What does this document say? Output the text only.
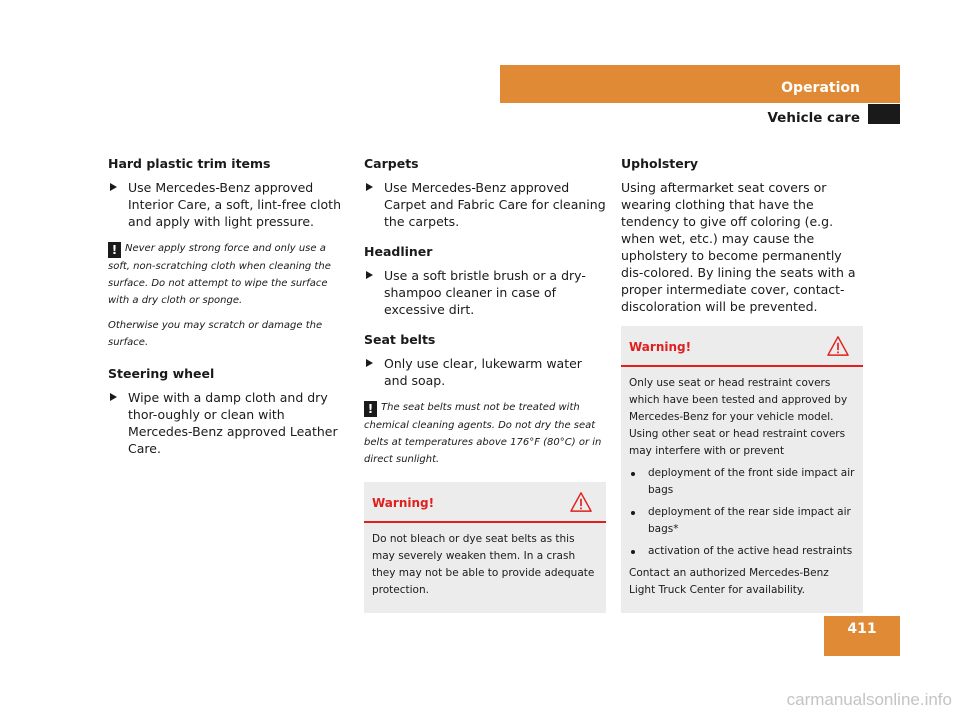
Operation
Vehicle care
Hard plastic trim items
Use Mercedes-Benz approved Interior Care, a soft, lint-free cloth and apply with light pressure.
! Never apply strong force and only use a soft, non-scratching cloth when cleaning the surface. Do not attempt to wipe the surface with a dry cloth or sponge.
Otherwise you may scratch or damage the surface.
Steering wheel
Wipe with a damp cloth and dry thor-oughly or clean with Mercedes-Benz approved Leather Care.
Carpets
Use Mercedes-Benz approved Carpet and Fabric Care for cleaning the carpets.
Headliner
Use a soft bristle brush or a dry-shampoo cleaner in case of excessive dirt.
Seat belts
Only use clear, lukewarm water and soap.
! The seat belts must not be treated with chemical cleaning agents. Do not dry the seat belts at temperatures above 176°F (80°C) or in direct sunlight.
Warning!
Do not bleach or dye seat belts as this may severely weaken them. In a crash they may not be able to provide adequate protection.
Upholstery
Using aftermarket seat covers or wearing clothing that have the tendency to give off coloring (e.g. when wet, etc.) may cause the upholstery to become permanently dis-colored. By lining the seats with a proper intermediate cover, contact-discoloration will be prevented.
Warning!
Only use seat or head restraint covers which have been tested and approved by Mercedes-Benz for your vehicle model. Using other seat or head restraint covers may interfere with or prevent
deployment of the front side impact air bags
deployment of the rear side impact air bags*
activation of the active head restraints
Contact an authorized Mercedes-Benz Light Truck Center for availability.
411
carmanualsonline.info
